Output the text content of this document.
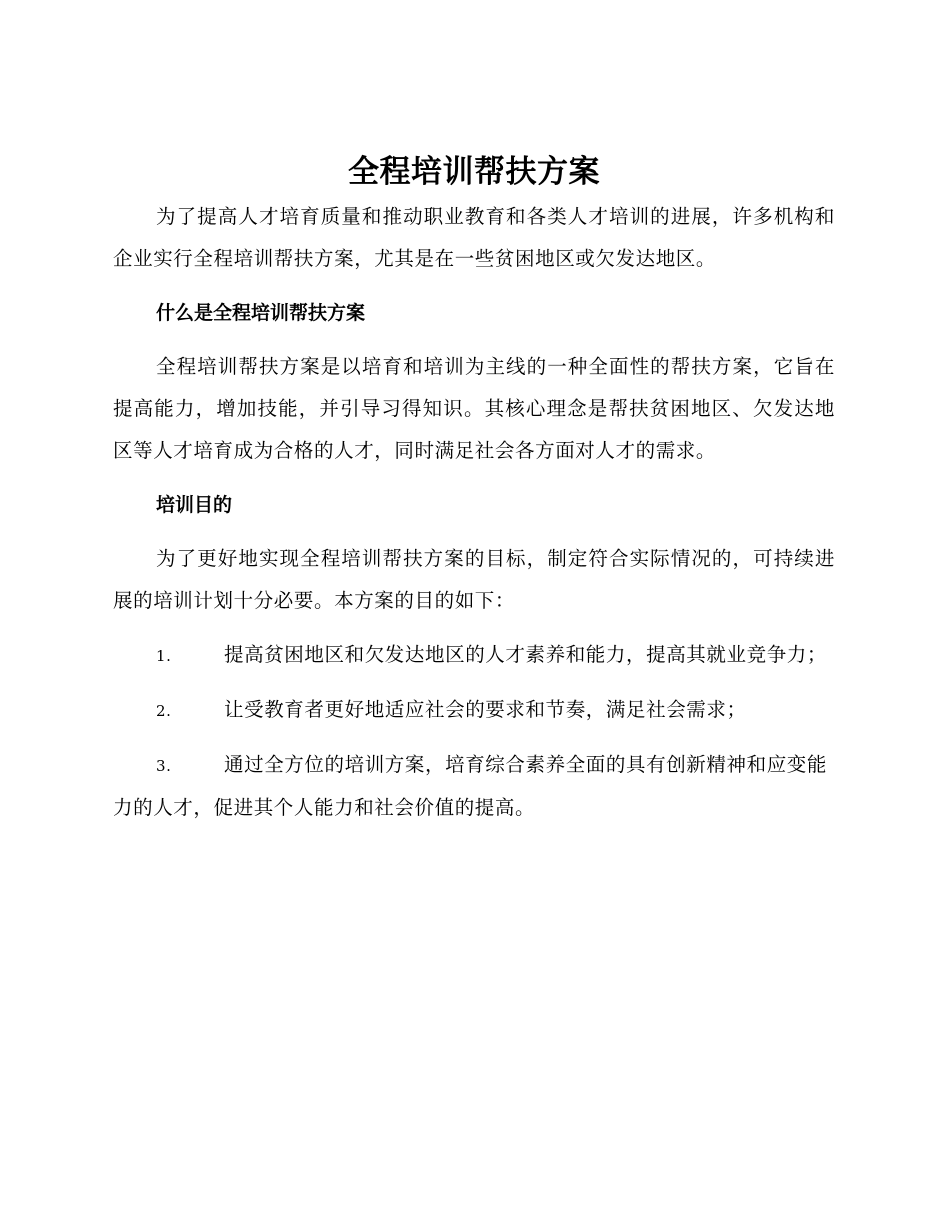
全程培训帮扶方案

为了提高人才培育质量和推动职业教育和各类人才培训的进展，许多机构和企业实行全程培训帮扶方案，尤其是在一些贫困地区或欠发达地区。

什么是全程培训帮扶方案

全程培训帮扶方案是以培育和培训为主线的一种全面性的帮扶方案，它旨在提高能力，增加技能，并引导习得知识。其核心理念是帮扶贫困地区、欠发达地区等人才培育成为合格的人才，同时满足社会各方面对人才的需求。

培训目的

为了更好地实现全程培训帮扶方案的目标，制定符合实际情况的，可持续进展的培训计划十分必要。本方案的目的如下：

1.	提高贫困地区和欠发达地区的人才素养和能力，提高其就业竞争力；

2.	让受教育者更好地适应社会的要求和节奏，满足社会需求；

3.	通过全方位的培训方案，培育综合素养全面的具有创新精神和应变能力的人才，促进其个人能力和社会价值的提高。
